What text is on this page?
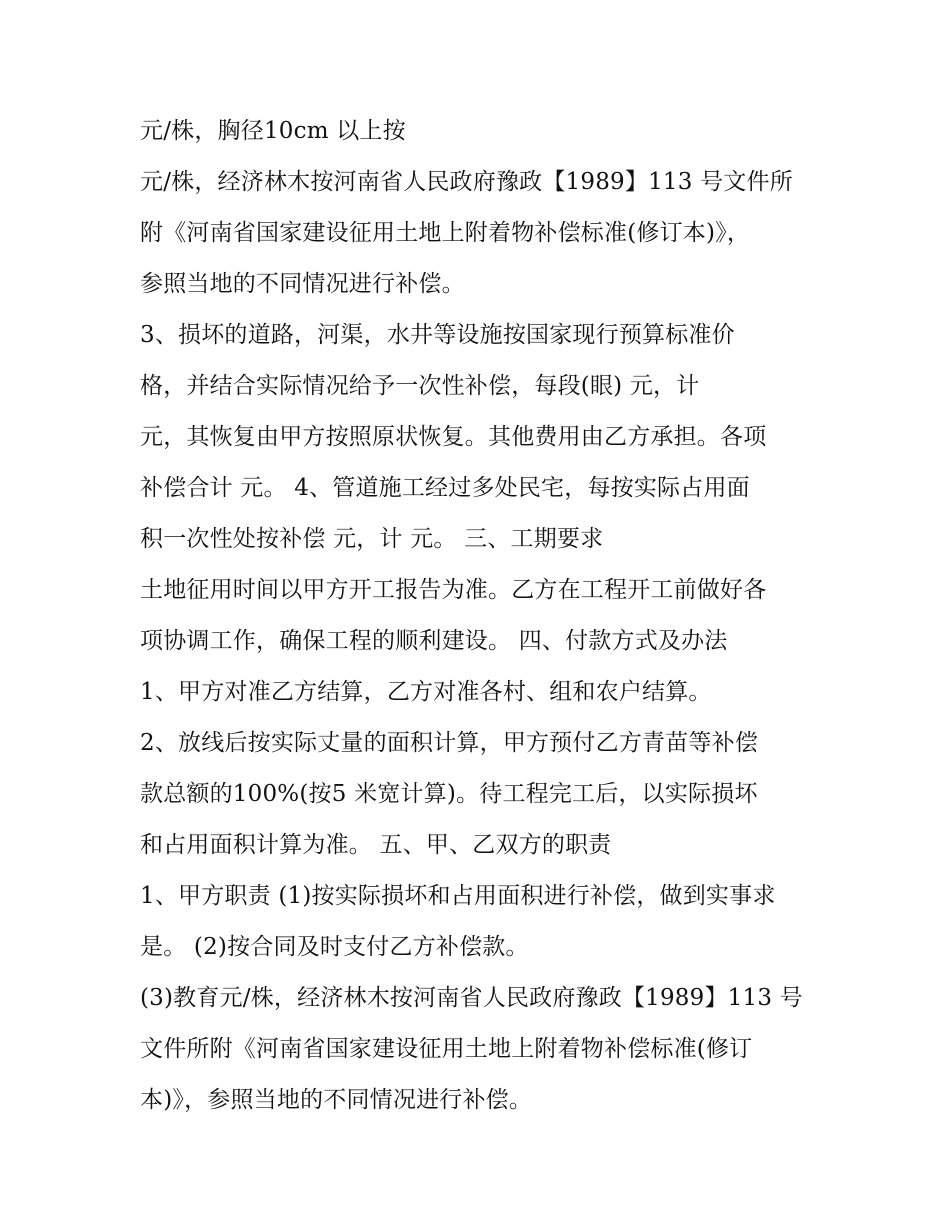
元/株，胸径10cm 以上按
元/株，经济林木按河南省人民政府豫政【1989】113 号文件所
附《河南省国家建设征用土地上附着物补偿标准(修订本)》，
参照当地的不同情况进行补偿。
3、损坏的道路，河渠，水井等设施按国家现行预算标准价
格，并结合实际情况给予一次性补偿，每段(眼) 元，计
元，其恢复由甲方按照原状恢复。其他费用由乙方承担。各项
补偿合计 元。 4、管道施工经过多处民宅，每按实际占用面
积一次性处按补偿 元，计 元。 三、工期要求
土地征用时间以甲方开工报告为准。乙方在工程开工前做好各
项协调工作，确保工程的顺利建设。 四、付款方式及办法
1、甲方对准乙方结算，乙方对准各村、组和农户结算。
2、放线后按实际丈量的面积计算，甲方预付乙方青苗等补偿
款总额的100%(按5 米宽计算)。待工程完工后，以实际损坏
和占用面积计算为准。 五、甲、乙双方的职责
1、甲方职责 (1)按实际损坏和占用面积进行补偿，做到实事求
是。 (2)按合同及时支付乙方补偿款。
(3)教育元/株，经济林木按河南省人民政府豫政【1989】113 号
文件所附《河南省国家建设征用土地上附着物补偿标准(修订
本)》，参照当地的不同情况进行补偿。
